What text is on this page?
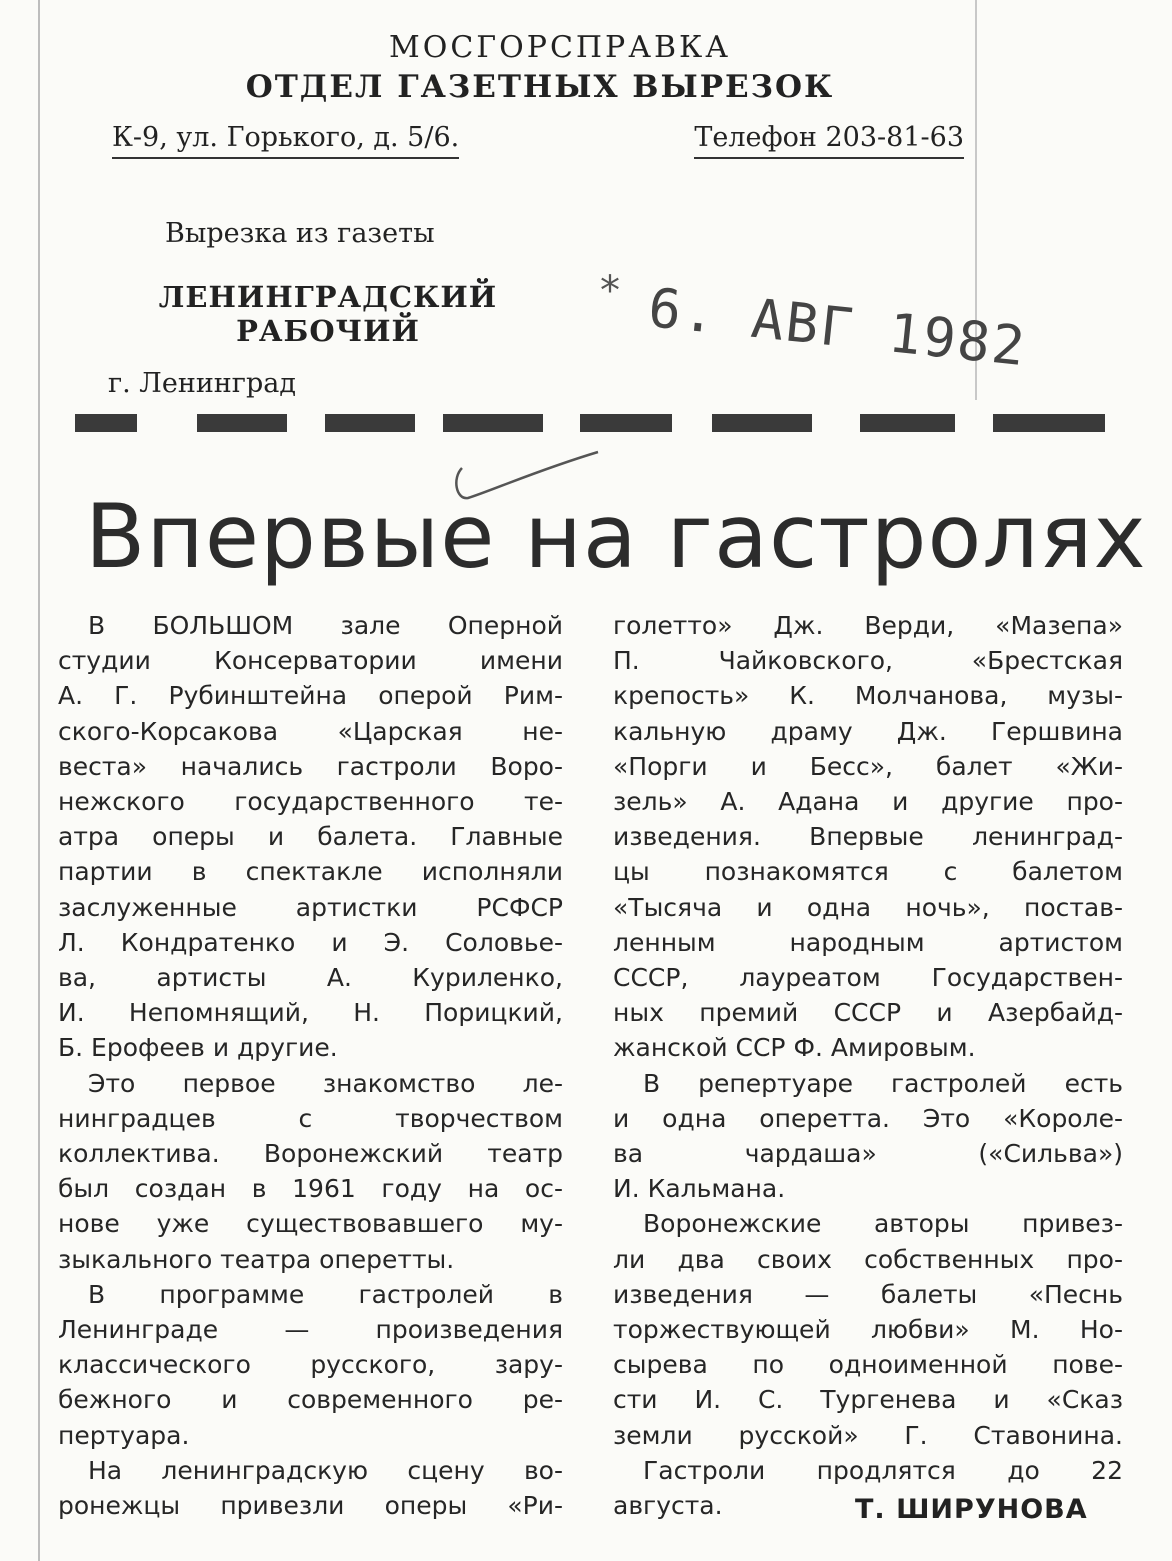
МОСГОРСПРАВКА
ОТДЕЛ ГАЗЕТНЫХ ВЫРЕЗОК
К-9, ул. Горького, д. 5/6.	Телефон 203-81-63
Вырезка из газеты
ЛЕНИНГРАДСКИЙ
РАБОЧИЙ
г. Ленинград
* 6. АВГ 1982
Впервые на гастролях
В БОЛЬШОМ зале Оперной
студии Консерватории имени
А. Г. Рубинштейна оперой Рим-
ского-Корсакова «Царская не-
веста» начались гастроли Воро-
нежского государственного те-
атра оперы и балета. Главные
партии в спектакле исполняли
заслуженные артистки РСФСР
Л. Кондратенко и Э. Соловье-
ва, артисты А. Куриленко,
И. Непомнящий, Н. Порицкий,
Б. Ерофеев и другие.
Это первое знакомство ле-
нинградцев с творчеством
коллектива. Воронежский театр
был создан в 1961 году на ос-
нове уже существовавшего му-
зыкального театра оперетты.
В программе гастролей в
Ленинграде — произведения
классического русского, зару-
бежного и современного ре-
пертуара.
На ленинградскую сцену во-
ронежцы привезли оперы «Ри-
голетто» Дж. Верди, «Мазепа»
П. Чайковского, «Брестская
крепость» К. Молчанова, музы-
кальную драму Дж. Гершвина
«Порги и Бесс», балет «Жи-
зель» А. Адана и другие про-
изведения. Впервые ленинград-
цы познакомятся с балетом
«Тысяча и одна ночь», постав-
ленным народным артистом
СССР, лауреатом Государствен-
ных премий СССР и Азербайд-
жанской ССР Ф. Амировым.
В репертуаре гастролей есть
и одна оперетта. Это «Короле-
ва чардаша» («Сильва»)
И. Кальмана.
Воронежские авторы привез-
ли два своих собственных про-
изведения — балеты «Песнь
торжествующей любви» М. Но-
сырева по одноименной пове-
сти И. С. Тургенева и «Сказ
земли русской» Г. Ставонина.
Гастроли продлятся до 22
августа.	Т. ШИРУНОВА
